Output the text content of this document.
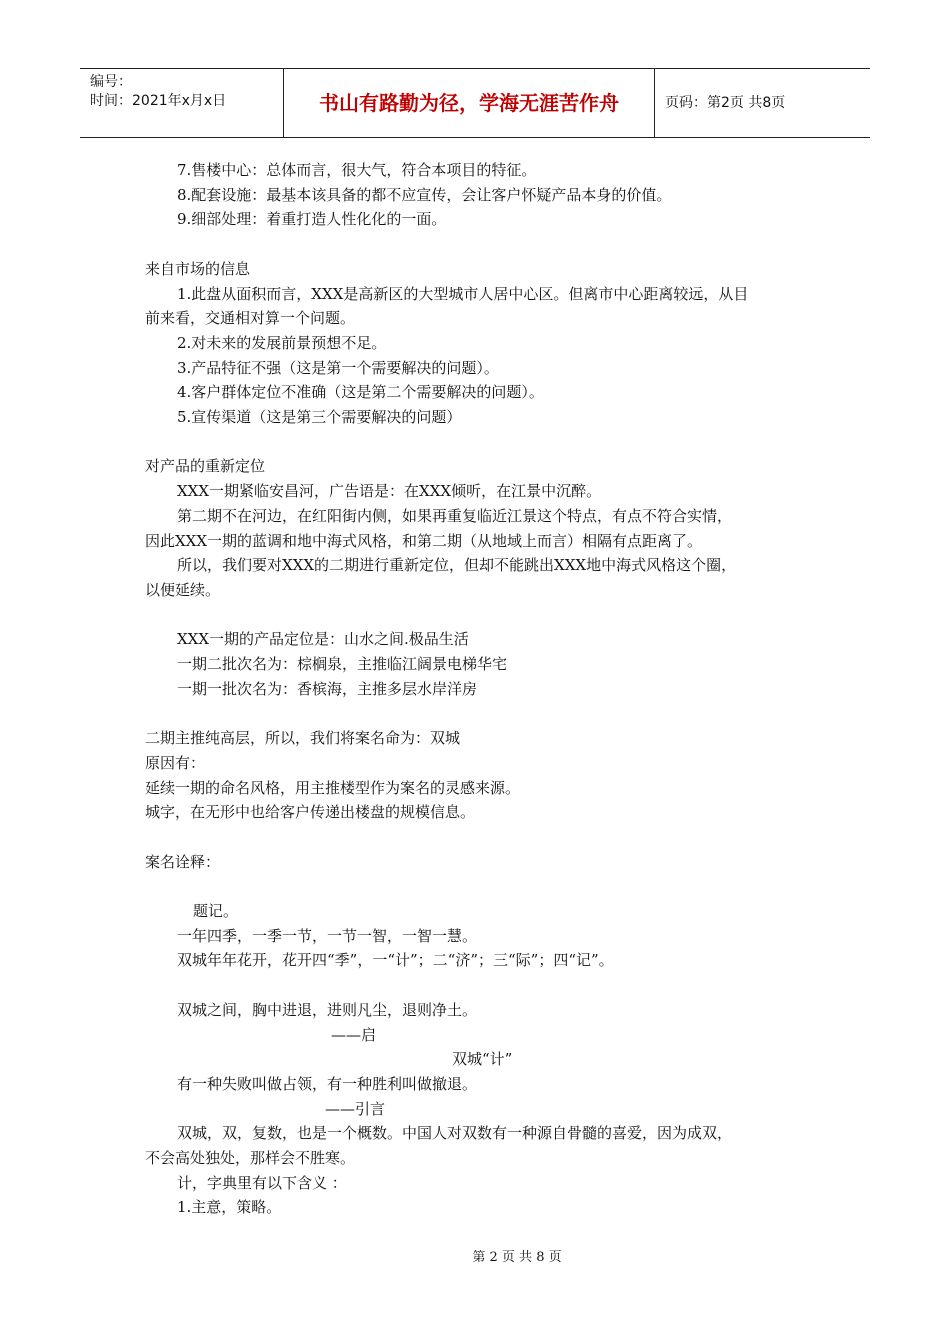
编号：
时间：2021年x月x日	书山有路勤为径，学海无涯苦作舟	页码：第2页 共8页
7.售楼中心：总体而言，很大气，符合本项目的特征。
8.配套设施：最基本该具备的都不应宣传，会让客户怀疑产品本身的价值。
9.细部处理：着重打造人性化化的一面。
来自市场的信息
1.此盘从面积而言，XXX是高新区的大型城市人居中心区。但离市中心距离较远，从目
前来看，交通相对算一个问题。
2.对未来的发展前景预想不足。
3.产品特征不强（这是第一个需要解决的问题）。
4.客户群体定位不准确（这是第二个需要解决的问题）。
5.宣传渠道（这是第三个需要解决的问题）
对产品的重新定位
XXX一期紧临安昌河，广告语是：在XXX倾听，在江景中沉醉。
第二期不在河边，在红阳街内侧，如果再重复临近江景这个特点，有点不符合实情，
因此XXX一期的蓝调和地中海式风格，和第二期（从地域上而言）相隔有点距离了。
所以，我们要对XXX的二期进行重新定位，但却不能跳出XXX地中海式风格这个圈，
以便延续。
XXX一期的产品定位是：山水之间.极品生活
一期二批次名为：棕榈泉，主推临江阔景电梯华宅
一期一批次名为：香槟海，主推多层水岸洋房
二期主推纯高层，所以，我们将案名命为：双城
原因有：
延续一期的命名风格，用主推楼型作为案名的灵感来源。
城字，在无形中也给客户传递出楼盘的规模信息。
案名诠释：
题记。
一年四季，一季一节，一节一智，一智一慧。
双城年年花开，花开四“季”，一“计”；二“济”；三“际”；四“记”。
双城之间，胸中进退，进则凡尘，退则净土。
——启
双城“计”
有一种失败叫做占领，有一种胜利叫做撤退。
——引言
双城，双，复数，也是一个概数。中国人对双数有一种源自骨髓的喜爱，因为成双，
不会高处独处，那样会不胜寒。
计，字典里有以下含义 ：
1.主意，策略。
第 2 页 共 8 页
